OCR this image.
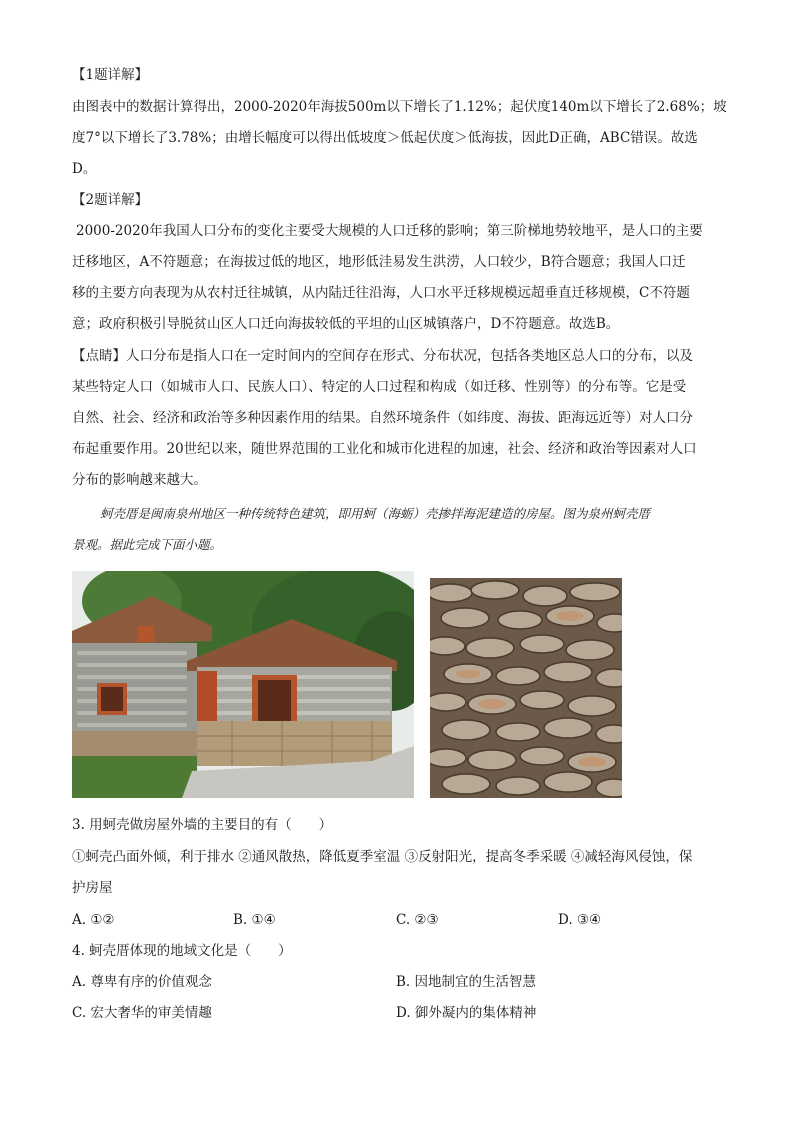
【1题详解】
由图表中的数据计算得出，2000-2020年海拔500m以下增长了1.12%；起伏度140m以下增长了2.68%；坡
度7°以下增长了3.78%；由增长幅度可以得出低坡度＞低起伏度＞低海拔，因此D正确，ABC错误。故选
D。
【2题详解】
2000-2020年我国人口分布的变化主要受大规模的人口迁移的影响；第三阶梯地势较地平，是人口的主要
迁移地区，A不符题意；在海拔过低的地区，地形低洼易发生洪涝，人口较少，B符合题意；我国人口迁
移的主要方向表现为从农村迁往城镇，从内陆迁往沿海，人口水平迁移规模远超垂直迁移规模，C不符题
意；政府积极引导脱贫山区人口迁向海拔较低的平坦的山区城镇落户，D不符题意。故选B。
【点睛】人口分布是指人口在一定时间内的空间存在形式、分布状况，包括各类地区总人口的分布，以及
某些特定人口（如城市人口、民族人口）、特定的人口过程和构成（如迁移、性别等）的分布等。它是受
自然、社会、经济和政治等多种因素作用的结果。自然环境条件（如纬度、海拔、距海远近等）对人口分
布起重要作用。20世纪以来，随世界范围的工业化和城市化进程的加速，社会、经济和政治等因素对人口
分布的影响越来越大。
蚵壳厝是闽南泉州地区一种传统特色建筑，即用蚵（海蛎）壳掺拌海泥建造的房屋。图为泉州蚵壳厝
景观。据此完成下面小题。
3. 用蚵壳做房屋外墙的主要目的有（　　）
①蚵壳凸面外倾，利于排水 ②通风散热，降低夏季室温 ③反射阳光，提高冬季采暖 ④减轻海风侵蚀，保
护房屋
A. ①②	B. ①④	C. ②③	D. ③④
4. 蚵壳厝体现的地域文化是（　　）
A. 尊卑有序的价值观念	B. 因地制宜的生活智慧
C. 宏大奢华的审美情趣	D. 御外凝内的集体精神
